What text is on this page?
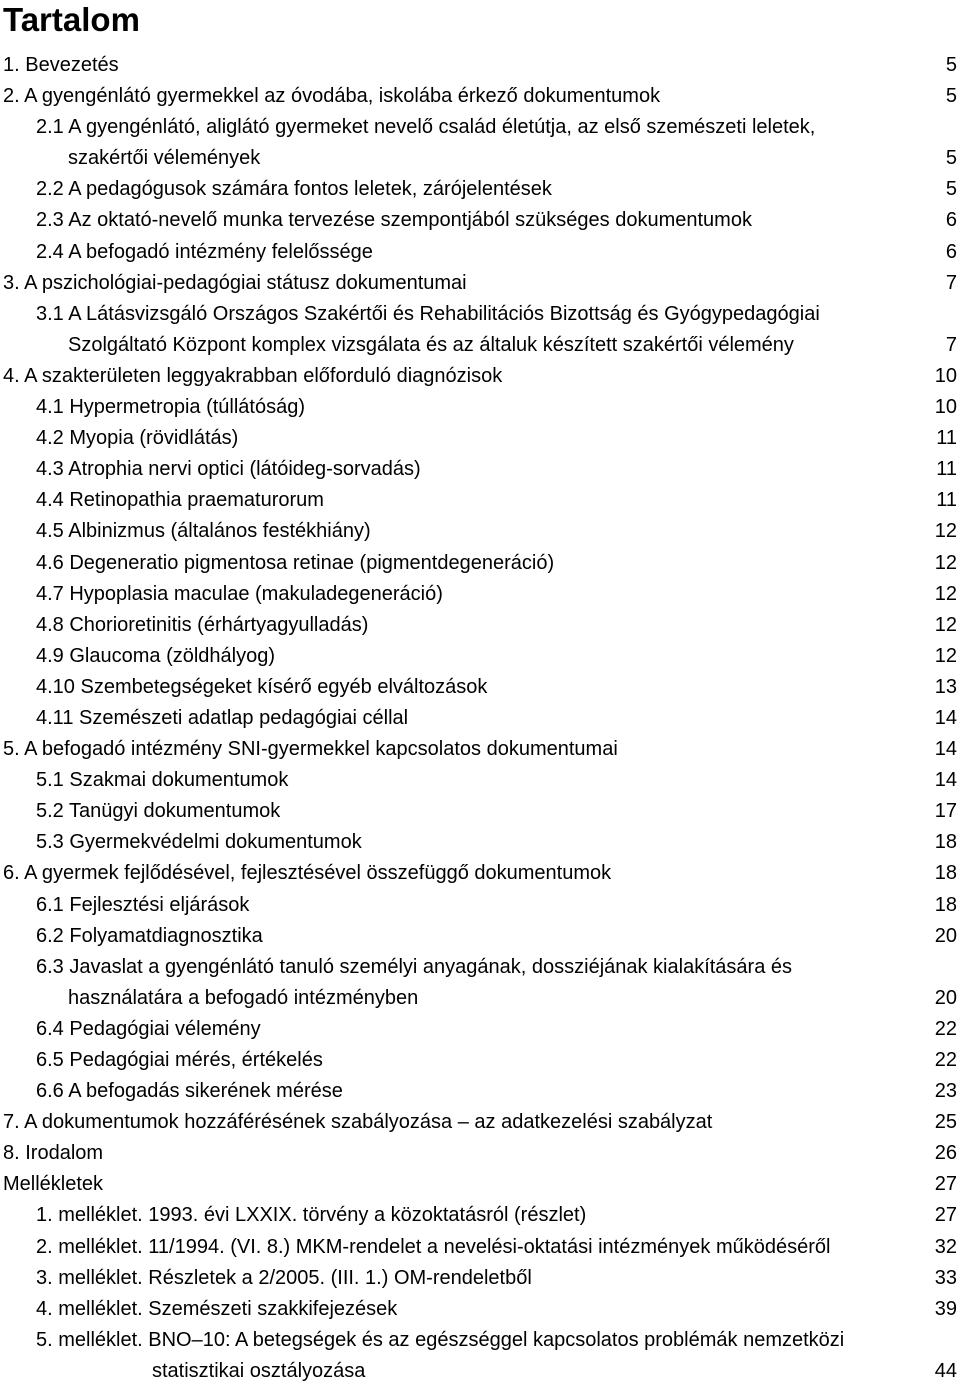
Tartalom
1. Bevezetés	5
2. A gyengénlátó gyermekkel az óvodába, iskolába érkező dokumentumok	5
2.1 A gyengénlátó, aliglátó gyermeket nevelő család életútja, az első szemészeti leletek,
szakértői vélemények	5
2.2 A pedagógusok számára fontos leletek, zárójelentések	5
2.3 Az oktató-nevelő munka tervezése szempontjából szükséges dokumentumok	6
2.4 A befogadó intézmény felelőssége	6
3. A pszichológiai-pedagógiai státusz dokumentumai	7
3.1 A Látásvizsgáló Országos Szakértői és Rehabilitációs Bizottság és Gyógypedagógiai
Szolgáltató Központ komplex vizsgálata és az általuk készített szakértői vélemény	7
4. A szakterületen leggyakrabban előforduló diagnózisok	10
4.1 Hypermetropia (túllátóság)	10
4.2 Myopia (rövidlátás)	11
4.3 Atrophia nervi optici (látóideg-sorvadás)	11
4.4 Retinopathia praematurorum	11
4.5 Albinizmus (általános festékhiány)	12
4.6 Degeneratio pigmentosa retinae (pigmentdegeneráció)	12
4.7 Hypoplasia maculae (makuladegeneráció)	12
4.8 Chorioretinitis (érhártyagyulladás)	12
4.9 Glaucoma (zöldhályog)	12
4.10 Szembetegségeket kísérő egyéb elváltozások	13
4.11 Szemészeti adatlap pedagógiai céllal	14
5. A befogadó intézmény SNI-gyermekkel kapcsolatos dokumentumai	14
5.1 Szakmai dokumentumok	14
5.2 Tanügyi dokumentumok	17
5.3 Gyermekvédelmi dokumentumok	18
6. A gyermek fejlődésével, fejlesztésével összefüggő dokumentumok	18
6.1 Fejlesztési eljárások	18
6.2 Folyamatdiagnosztika	20
6.3 Javaslat a gyengénlátó tanuló személyi anyagának, dossziéjának kialakítására és
használatára a befogadó intézményben	20
6.4 Pedagógiai vélemény	22
6.5 Pedagógiai mérés, értékelés	22
6.6 A befogadás sikerének mérése	23
7. A dokumentumok hozzáférésének szabályozása – az adatkezelési szabályzat	25
8. Irodalom	26
Mellékletek	27
1. melléklet. 1993. évi LXXIX. törvény a közoktatásról (részlet)	27
2. melléklet. 11/1994. (VI. 8.) MKM-rendelet a nevelési-oktatási intézmények működéséről	32
3. melléklet. Részletek a 2/2005. (III. 1.) OM-rendeletből	33
4. melléklet. Szemészeti szakkifejezések	39
5. melléklet. BNO–10: A betegségek és az egészséggel kapcsolatos problémák nemzetközi
statisztikai osztályozása	44
